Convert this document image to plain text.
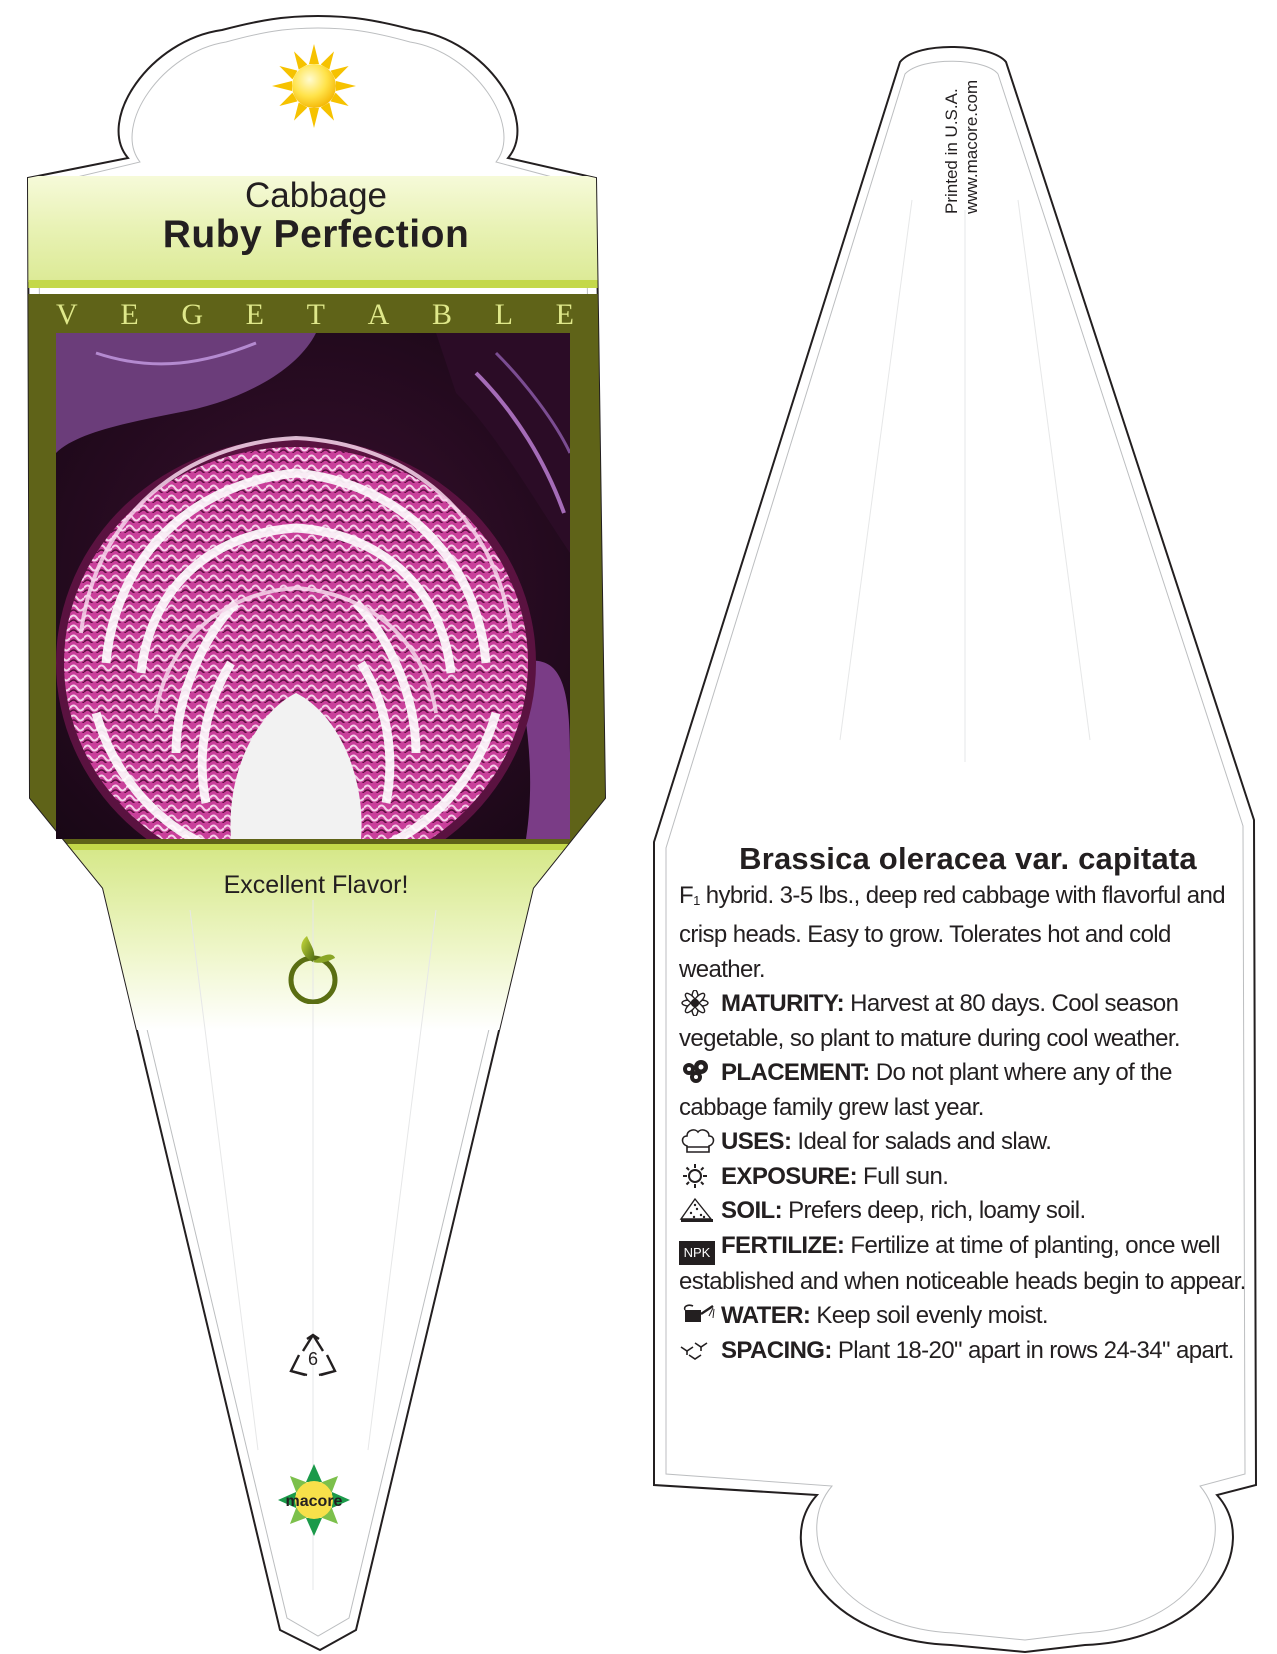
Cabbage
Ruby Perfection
V E G E T A B L E

Excellent Flavor!

6
macore
Printed in U.S.A. www.macore.com

Brassica oleracea var. capitata

F1 hybrid. 3-5 lbs., deep red cabbage with flavorful and crisp heads. Easy to grow. Tolerates hot and cold weather.

MATURITY: Harvest at 80 days. Cool season vegetable, so plant to mature during cool weather.

PLACEMENT: Do not plant where any of the cabbage family grew last year.

USES: Ideal for salads and slaw.

EXPOSURE: Full sun.

SOIL: Prefers deep, rich, loamy soil.

NPK FERTILIZE: Fertilize at time of planting, once well established and when noticeable heads begin to appear.

WATER: Keep soil evenly moist.

SPACING: Plant 18-20" apart in rows 24-34" apart.
